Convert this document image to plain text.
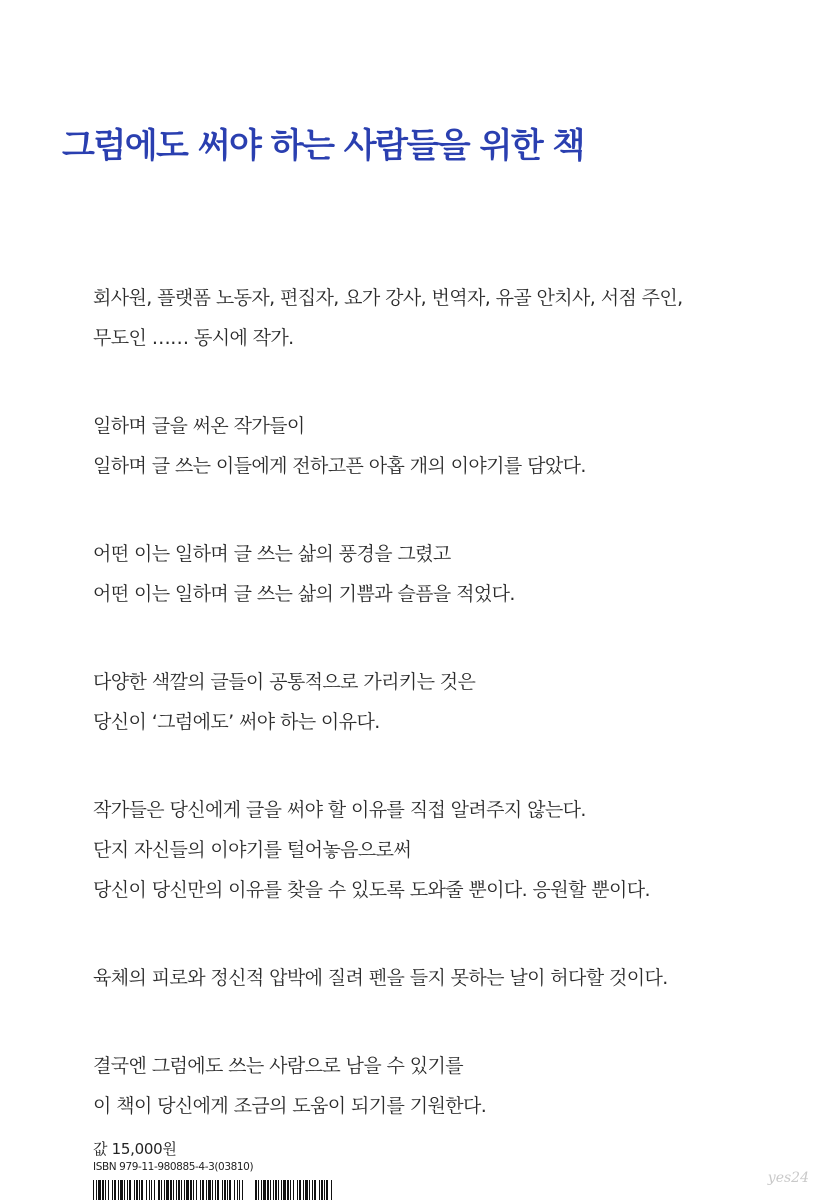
그럼에도 써야 하는 사람들을 위한 책

회사원, 플랫폼 노동자, 편집자, 요가 강사, 번역자, 유골 안치사, 서점 주인,
무도인 …… 동시에 작가.

일하며 글을 써온 작가들이
일하며 글 쓰는 이들에게 전하고픈 아홉 개의 이야기를 담았다.

어떤 이는 일하며 글 쓰는 삶의 풍경을 그렸고
어떤 이는 일하며 글 쓰는 삶의 기쁨과 슬픔을 적었다.

다양한 색깔의 글들이 공통적으로 가리키는 것은
당신이 ‘그럼에도’ 써야 하는 이유다.

작가들은 당신에게 글을 써야 할 이유를 직접 알려주지 않는다.
단지 자신들의 이야기를 털어놓음으로써
당신이 당신만의 이유를 찾을 수 있도록 도와줄 뿐이다. 응원할 뿐이다.

육체의 피로와 정신적 압박에 질려 펜을 들지 못하는 날이 허다할 것이다.

결국엔 그럼에도 쓰는 사람으로 남을 수 있기를
이 책이 당신에게 조금의 도움이 되기를 기원한다.

값 15,000원
ISBN 979-11-980885-4-3(03810)
yes24
